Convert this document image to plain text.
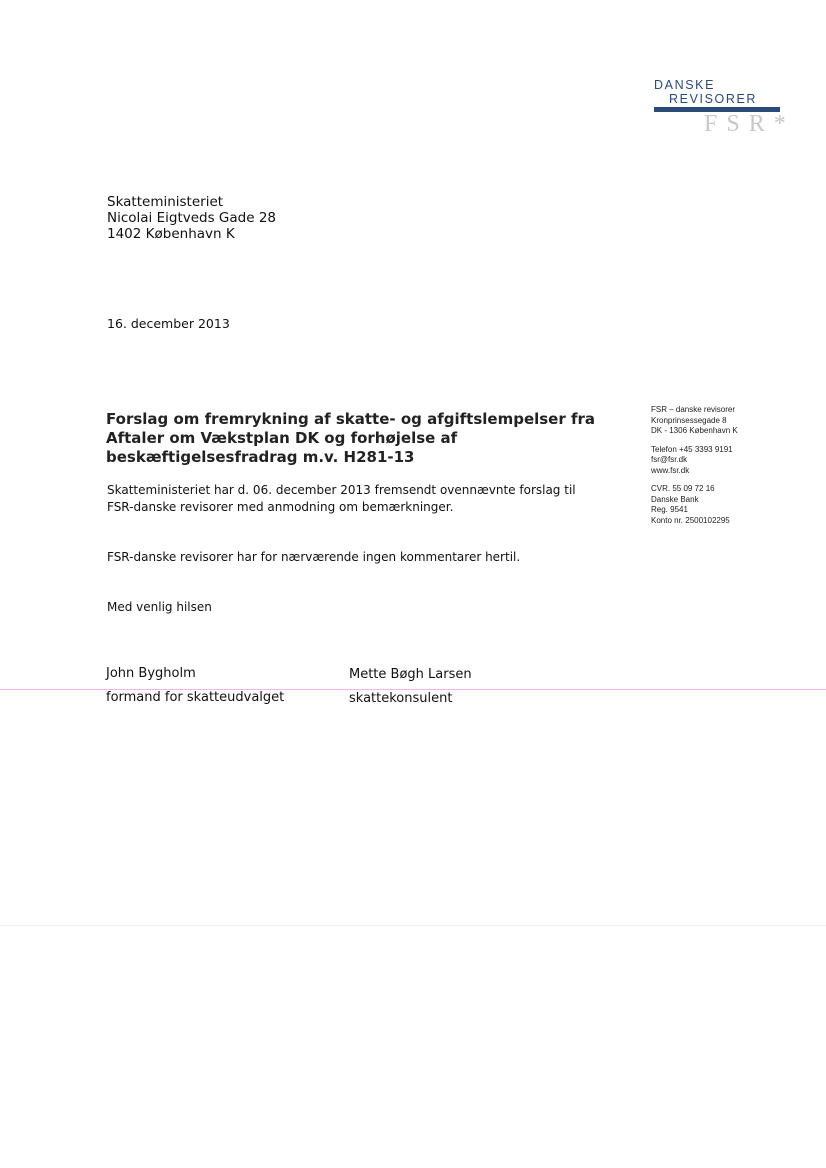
DANSKE
REVISORER
FSR*
Skatteministeriet
Nicolai Eigtveds Gade 28
1402 København K
16. december 2013
Forslag om fremrykning af skatte- og afgiftslempelser fra
Aftaler om Vækstplan DK og forhøjelse af
beskæftigelsesfradrag m.v. H281-13
Skatteministeriet har d. 06. december 2013 fremsendt ovennævnte forslag til
FSR-danske revisorer med anmodning om bemærkninger.
FSR-danske revisorer har for nærværende ingen kommentarer hertil.
Med venlig hilsen
John Bygholm
formand for skatteudvalget
Mette Bøgh Larsen
skattekonsulent
FSR – danske revisorer
Kronprinsessegade 8
DK - 1306 København K
Telefon +45 3393 9191
fsr@fsr.dk
www.fsr.dk
CVR. 55 09 72 16
Danske Bank
Reg. 9541
Konto nr. 2500102295
